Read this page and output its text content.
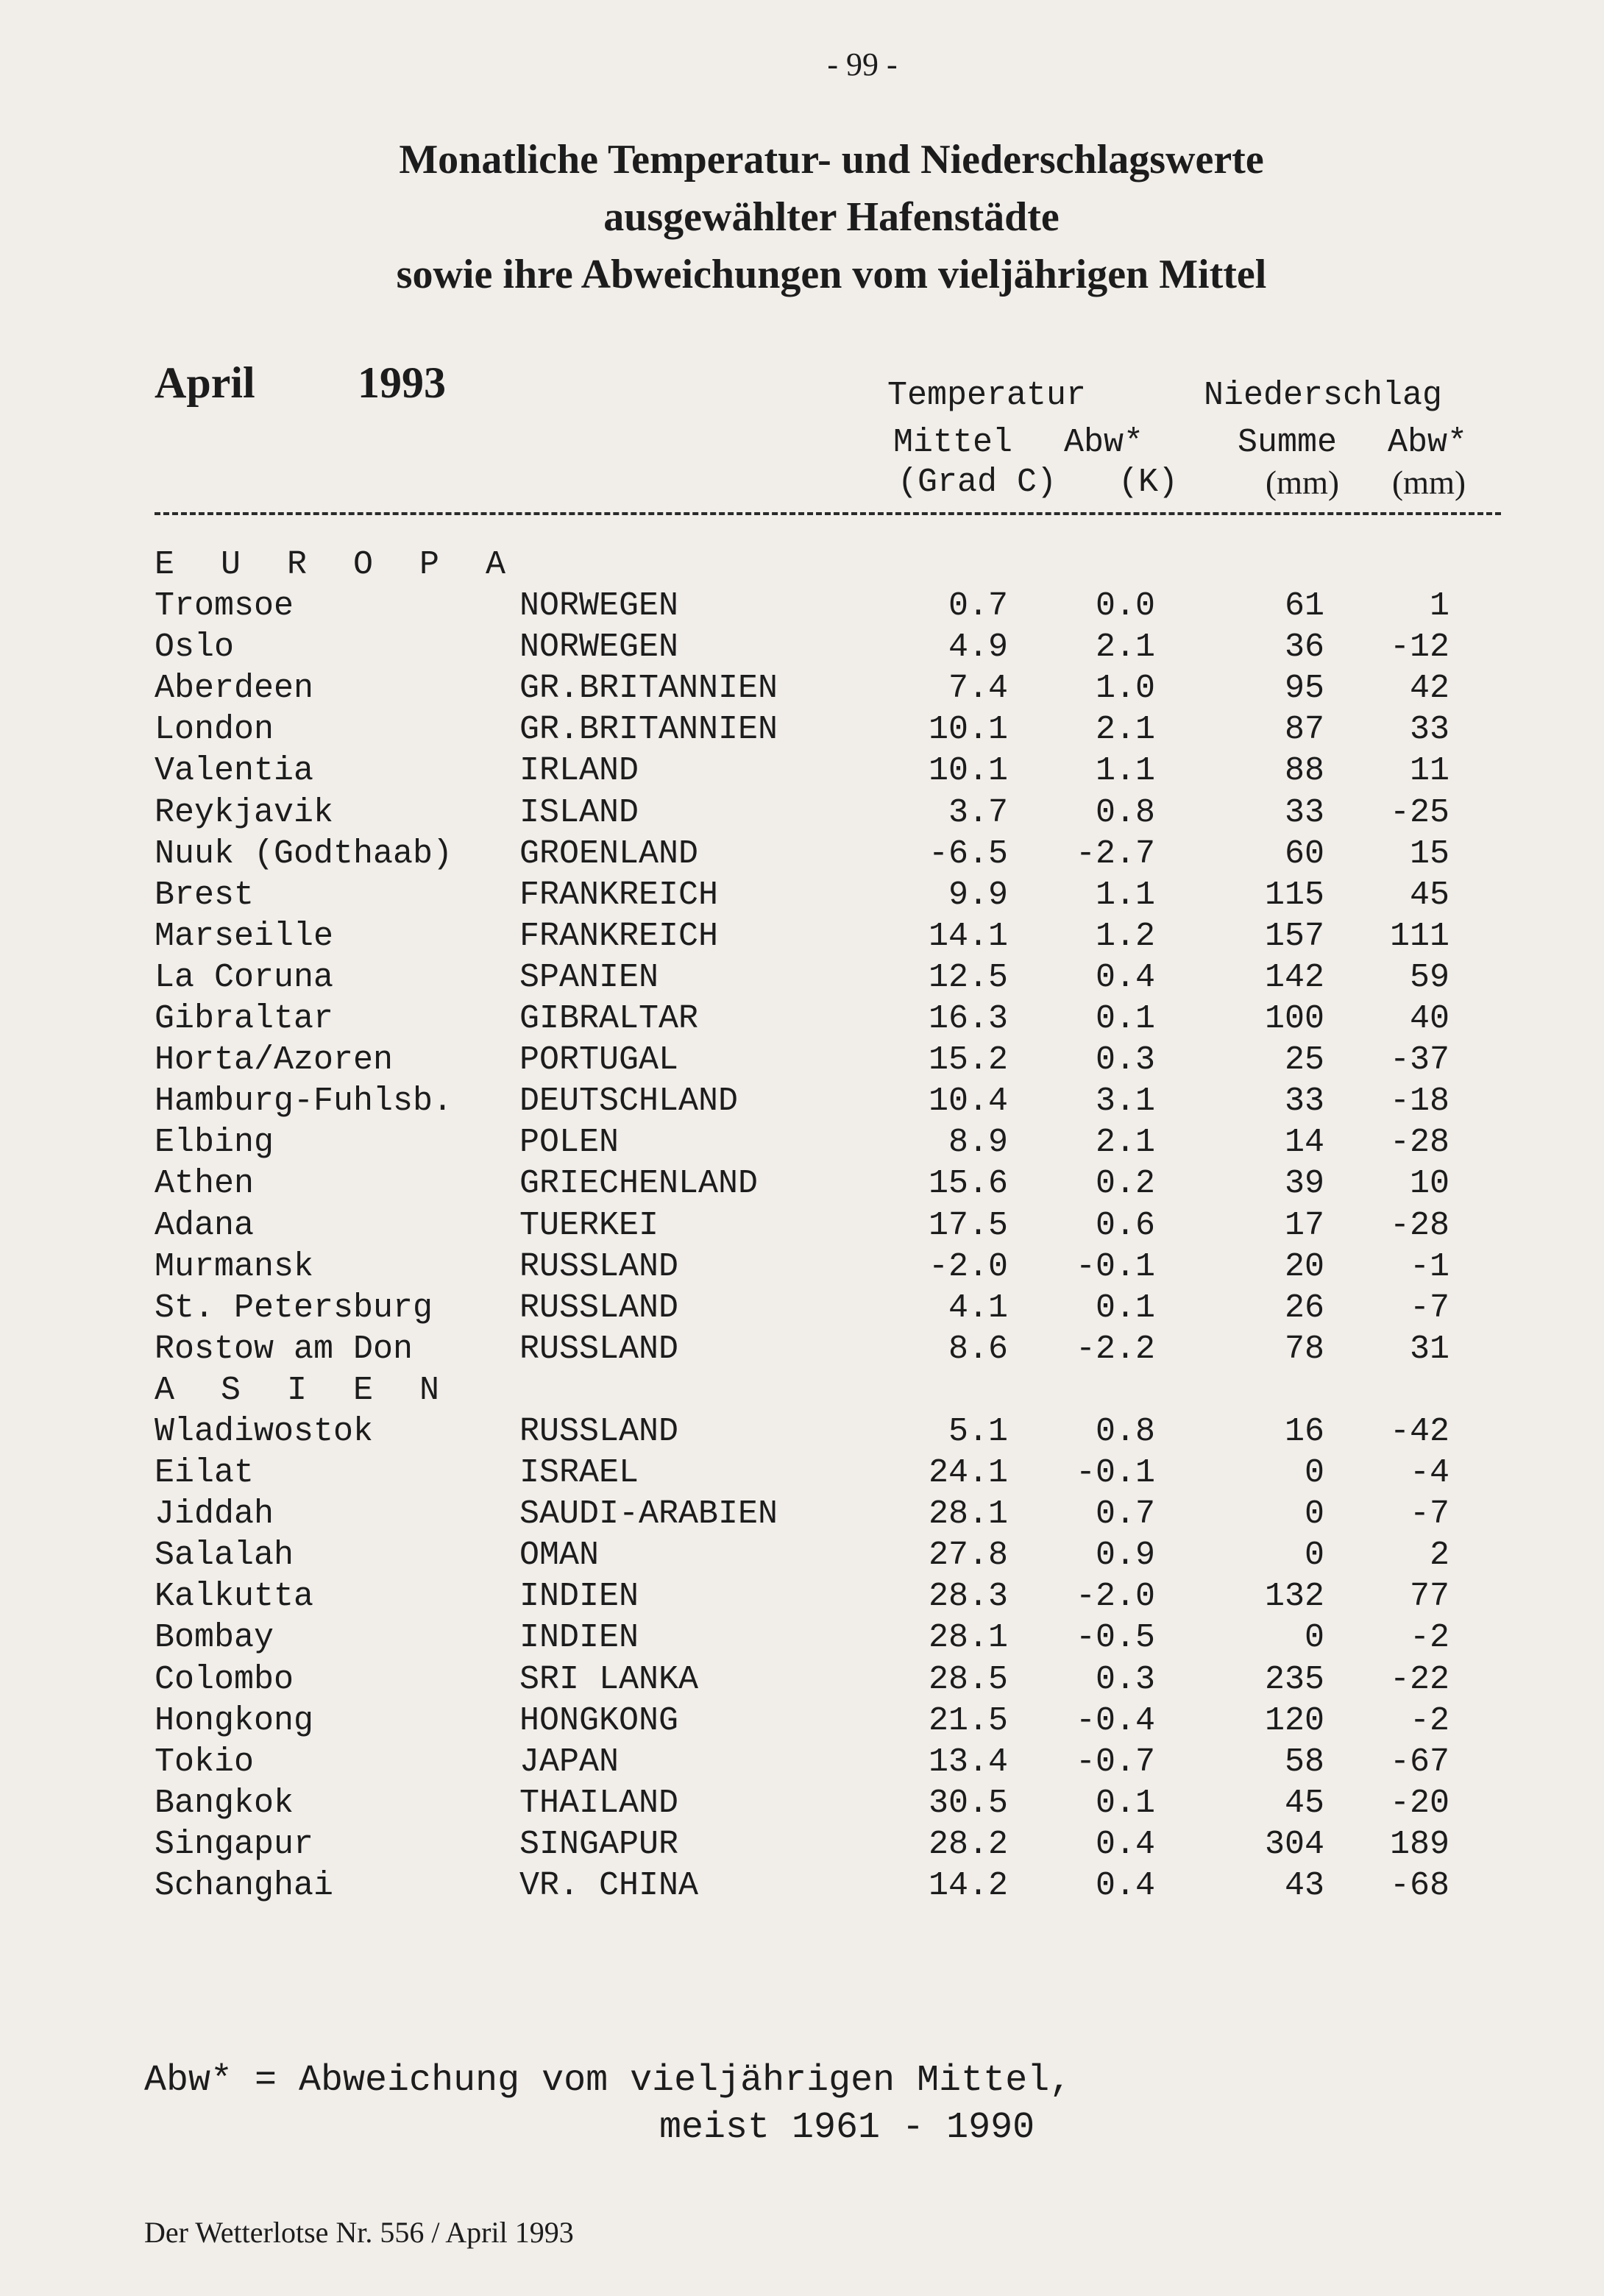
- 99 -
Monatliche Temperatur- und Niederschlagswerte
ausgewählter Hafenstädte
sowie ihre Abweichungen vom vieljährigen Mittel
April 1993	Temperatur	Niederschlag
Mittel Abw*	Summe Abw*
(Grad C) (K)	(mm) (mm)
E U R O P A
Tromsoe	NORWEGEN	0.7	0.0	61	1
Oslo	NORWEGEN	4.9	2.1	36	-12
Aberdeen	GR.BRITANNIEN	7.4	1.0	95	42
London	GR.BRITANNIEN	10.1	2.1	87	33
Valentia	IRLAND	10.1	1.1	88	11
Reykjavik	ISLAND	3.7	0.8	33	-25
Nuuk (Godthaab) GROENLAND	-6.5	-2.7	60	15
Brest	FRANKREICH	9.9	1.1	115	45
Marseille	FRANKREICH	14.1	1.2	157	111
La Coruna	SPANIEN	12.5	0.4	142	59
Gibraltar	GIBRALTAR	16.3	0.1	100	40
Horta/Azoren	PORTUGAL	15.2	0.3	25	-37
Hamburg-Fuhlsb. DEUTSCHLAND	10.4	3.1	33	-18
Elbing	POLEN	8.9	2.1	14	-28
Athen	GRIECHENLAND	15.6	0.2	39	10
Adana	TUERKEI	17.5	0.6	17	-28
Murmansk	RUSSLAND	-2.0	-0.1	20	-1
St. Petersburg	RUSSLAND	4.1	0.1	26	-7
Rostow am Don	RUSSLAND	8.6	-2.2	78	31
A S I E N
Wladiwostok	RUSSLAND	5.1	0.8	16	-42
Eilat	ISRAEL	24.1	-0.1	0	-4
Jiddah	SAUDI-ARABIEN	28.1	0.7	0	-7
Salalah	OMAN	27.8	0.9	0	2
Kalkutta	INDIEN	28.3	-2.0	132	77
Bombay	INDIEN	28.1	-0.5	0	-2
Colombo	SRI LANKA	28.5	0.3	235	-22
Hongkong	HONGKONG	21.5	-0.4	120	-2
Tokio	JAPAN	13.4	-0.7	58	-67
Bangkok	THAILAND	30.5	0.1	45	-20
Singapur	SINGAPUR	28.2	0.4	304	189
Schanghai	VR. CHINA	14.2	0.4	43	-68
Abw* = Abweichung vom vieljährigen Mittel,
meist 1961 - 1990
Der Wetterlotse Nr. 556 / April 1993
